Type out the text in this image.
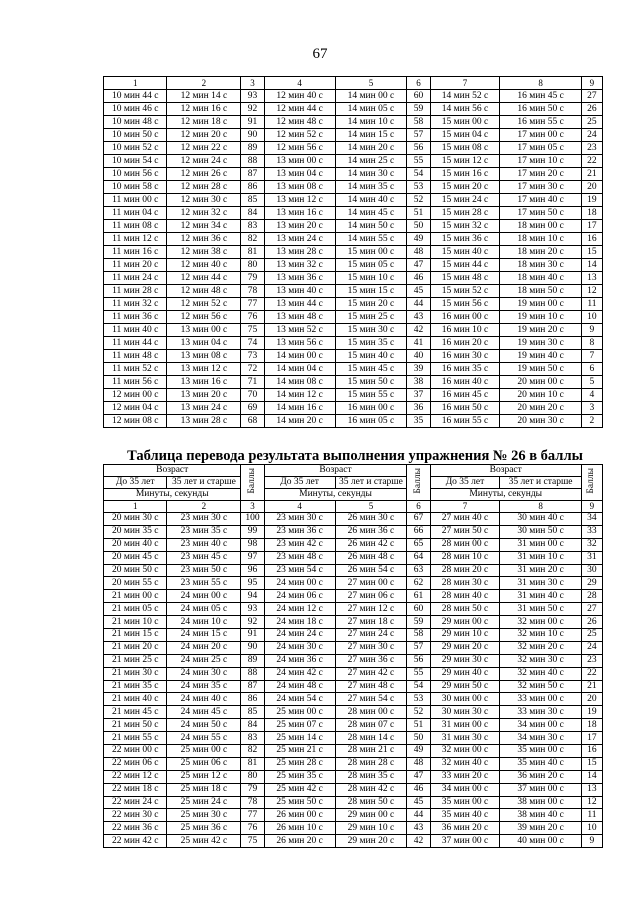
67
1	2	3	4	5	6	7	8	9
10 мин 44 с	12 мин 14 с	93	12 мин 40 с	14 мин 00 с	60	14 мин 52 с	16 мин 45 с	27
10 мин 46 с	12 мин 16 с	92	12 мин 44 с	14 мин 05 с	59	14 мин 56 с	16 мин 50 с	26
10 мин 48 с	12 мин 18 с	91	12 мин 48 с	14 мин 10 с	58	15 мин 00 с	16 мин 55 с	25
10 мин 50 с	12 мин 20 с	90	12 мин 52 с	14 мин 15 с	57	15 мин 04 с	17 мин 00 с	24
10 мин 52 с	12 мин 22 с	89	12 мин 56 с	14 мин 20 с	56	15 мин 08 с	17 мин 05 с	23
10 мин 54 с	12 мин 24 с	88	13 мин 00 с	14 мин 25 с	55	15 мин 12 с	17 мин 10 с	22
10 мин 56 с	12 мин 26 с	87	13 мин 04 с	14 мин 30 с	54	15 мин 16 с	17 мин 20 с	21
10 мин 58 с	12 мин 28 с	86	13 мин 08 с	14 мин 35 с	53	15 мин 20 с	17 мин 30 с	20
11 мин 00 с	12 мин 30 с	85	13 мин 12 с	14 мин 40 с	52	15 мин 24 с	17 мин 40 с	19
11 мин 04 с	12 мин 32 с	84	13 мин 16 с	14 мин 45 с	51	15 мин 28 с	17 мин 50 с	18
11 мин 08 с	12 мин 34 с	83	13 мин 20 с	14 мин 50 с	50	15 мин 32 с	18 мин 00 с	17
11 мин 12 с	12 мин 36 с	82	13 мин 24 с	14 мин 55 с	49	15 мин 36 с	18 мин 10 с	16
11 мин 16 с	12 мин 38 с	81	13 мин 28 с	15 мин 00 с	48	15 мин 40 с	18 мин 20 с	15
11 мин 20 с	12 мин 40 с	80	13 мин 32 с	15 мин 05 с	47	15 мин 44 с	18 мин 30 с	14
11 мин 24 с	12 мин 44 с	79	13 мин 36 с	15 мин 10 с	46	15 мин 48 с	18 мин 40 с	13
11 мин 28 с	12 мин 48 с	78	13 мин 40 с	15 мин 15 с	45	15 мин 52 с	18 мин 50 с	12
11 мин 32 с	12 мин 52 с	77	13 мин 44 с	15 мин 20 с	44	15 мин 56 с	19 мин 00 с	11
11 мин 36 с	12 мин 56 с	76	13 мин 48 с	15 мин 25 с	43	16 мин 00 с	19 мин 10 с	10
11 мин 40 с	13 мин 00 с	75	13 мин 52 с	15 мин 30 с	42	16 мин 10 с	19 мин 20 с	9
11 мин 44 с	13 мин 04 с	74	13 мин 56 с	15 мин 35 с	41	16 мин 20 с	19 мин 30 с	8
11 мин 48 с	13 мин 08 с	73	14 мин 00 с	15 мин 40 с	40	16 мин 30 с	19 мин 40 с	7
11 мин 52 с	13 мин 12 с	72	14 мин 04 с	15 мин 45 с	39	16 мин 35 с	19 мин 50 с	6
11 мин 56 с	13 мин 16 с	71	14 мин 08 с	15 мин 50 с	38	16 мин 40 с	20 мин 00 с	5
12 мин 00 с	13 мин 20 с	70	14 мин 12 с	15 мин 55 с	37	16 мин 45 с	20 мин 10 с	4
12 мин 04 с	13 мин 24 с	69	14 мин 16 с	16 мин 00 с	36	16 мин 50 с	20 мин 20 с	3
12 мин 08 с	13 мин 28 с	68	14 мин 20 с	16 мин 05 с	35	16 мин 55 с	20 мин 30 с	2
Таблица перевода результата выполнения упражнения № 26 в баллы
Возраст		Баллы	Возраст		Баллы	Возраст		Баллы
До 35 лет	35 лет и старше		До 35 лет	35 лет и старше		До 35 лет	35 лет и старше	
Минуты, секунды			Минуты, секунды			Минуты, секунды		
1	2	3	4	5	6	7	8	9
20 мин 30 с	23 мин 30 с	100	23 мин 30 с	26 мин 30 с	67	27 мин 40 с	30 мин 40 с	34
20 мин 35 с	23 мин 35 с	99	23 мин 36 с	26 мин 36 с	66	27 мин 50 с	30 мин 50 с	33
20 мин 40 с	23 мин 40 с	98	23 мин 42 с	26 мин 42 с	65	28 мин 00 с	31 мин 00 с	32
20 мин 45 с	23 мин 45 с	97	23 мин 48 с	26 мин 48 с	64	28 мин 10 с	31 мин 10 с	31
20 мин 50 с	23 мин 50 с	96	23 мин 54 с	26 мин 54 с	63	28 мин 20 с	31 мин 20 с	30
20 мин 55 с	23 мин 55 с	95	24 мин 00 с	27 мин 00 с	62	28 мин 30 с	31 мин 30 с	29
21 мин 00 с	24 мин 00 с	94	24 мин 06 с	27 мин 06 с	61	28 мин 40 с	31 мин 40 с	28
21 мин 05 с	24 мин 05 с	93	24 мин 12 с	27 мин 12 с	60	28 мин 50 с	31 мин 50 с	27
21 мин 10 с	24 мин 10 с	92	24 мин 18 с	27 мин 18 с	59	29 мин 00 с	32 мин 00 с	26
21 мин 15 с	24 мин 15 с	91	24 мин 24 с	27 мин 24 с	58	29 мин 10 с	32 мин 10 с	25
21 мин 20 с	24 мин 20 с	90	24 мин 30 с	27 мин 30 с	57	29 мин 20 с	32 мин 20 с	24
21 мин 25 с	24 мин 25 с	89	24 мин 36 с	27 мин 36 с	56	29 мин 30 с	32 мин 30 с	23
21 мин 30 с	24 мин 30 с	88	24 мин 42 с	27 мин 42 с	55	29 мин 40 с	32 мин 40 с	22
21 мин 35 с	24 мин 35 с	87	24 мин 48 с	27 мин 48 с	54	29 мин 50 с	32 мин 50 с	21
21 мин 40 с	24 мин 40 с	86	24 мин 54 с	27 мин 54 с	53	30 мин 00 с	33 мин 00 с	20
21 мин 45 с	24 мин 45 с	85	25 мин 00 с	28 мин 00 с	52	30 мин 30 с	33 мин 30 с	19
21 мин 50 с	24 мин 50 с	84	25 мин 07 с	28 мин 07 с	51	31 мин 00 с	34 мин 00 с	18
21 мин 55 с	24 мин 55 с	83	25 мин 14 с	28 мин 14 с	50	31 мин 30 с	34 мин 30 с	17
22 мин 00 с	25 мин 00 с	82	25 мин 21 с	28 мин 21 с	49	32 мин 00 с	35 мин 00 с	16
22 мин 06 с	25 мин 06 с	81	25 мин 28 с	28 мин 28 с	48	32 мин 40 с	35 мин 40 с	15
22 мин 12 с	25 мин 12 с	80	25 мин 35 с	28 мин 35 с	47	33 мин 20 с	36 мин 20 с	14
22 мин 18 с	25 мин 18 с	79	25 мин 42 с	28 мин 42 с	46	34 мин 00 с	37 мин 00 с	13
22 мин 24 с	25 мин 24 с	78	25 мин 50 с	28 мин 50 с	45	35 мин 00 с	38 мин 00 с	12
22 мин 30 с	25 мин 30 с	77	26 мин 00 с	29 мин 00 с	44	35 мин 40 с	38 мин 40 с	11
22 мин 36 с	25 мин 36 с	76	26 мин 10 с	29 мин 10 с	43	36 мин 20 с	39 мин 20 с	10
22 мин 42 с	25 мин 42 с	75	26 мин 20 с	29 мин 20 с	42	37 мин 00 с	40 мин 00 с	9
